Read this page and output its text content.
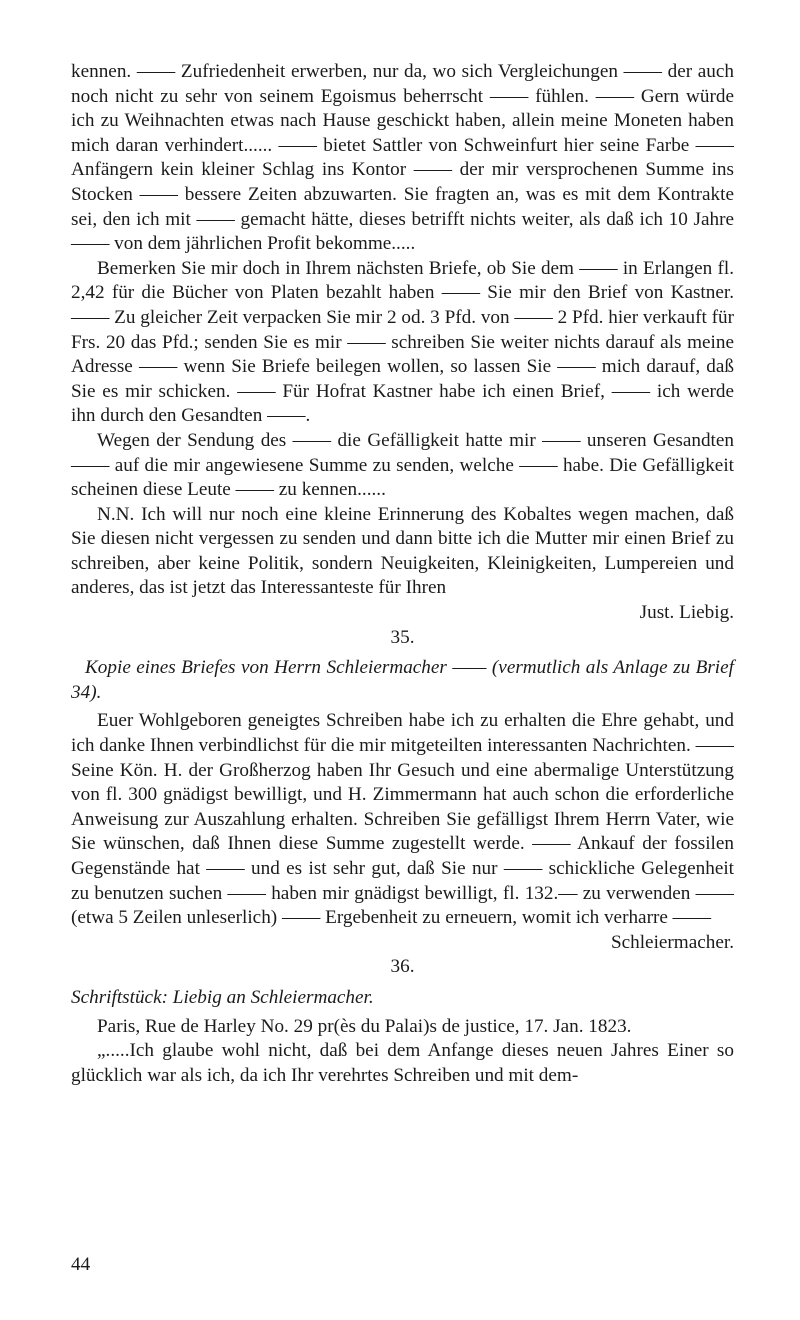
kennen. —— Zufriedenheit erwerben, nur da, wo sich Vergleichungen —— der auch noch nicht zu sehr von seinem Egoismus beherrscht —— fühlen. —— Gern würde ich zu Weihnachten etwas nach Hause geschickt haben, allein meine Moneten haben mich daran verhindert...... —— bietet Sattler von Schweinfurt hier seine Farbe —— Anfängern kein kleiner Schlag ins Kontor —— der mir versprochenen Summe ins Stocken —— bessere Zeiten abzuwarten. Sie fragten an, was es mit dem Kontrakte sei, den ich mit —— gemacht hätte, dieses betrifft nichts weiter, als daß ich 10 Jahre —— von dem jährlichen Profit bekomme.....

Bemerken Sie mir doch in Ihrem nächsten Briefe, ob Sie dem —— in Erlangen fl. 2,42 für die Bücher von Platen bezahlt haben —— Sie mir den Brief von Kastner. —— Zu gleicher Zeit verpacken Sie mir 2 od. 3 Pfd. von —— 2 Pfd. hier verkauft für Frs. 20 das Pfd.; senden Sie es mir —— schreiben Sie weiter nichts darauf als meine Adresse —— wenn Sie Briefe beilegen wollen, so lassen Sie —— mich darauf, daß Sie es mir schicken. —— Für Hofrat Kastner habe ich einen Brief, —— ich werde ihn durch den Gesandten ——.

Wegen der Sendung des —— die Gefälligkeit hatte mir —— unseren Gesandten —— auf die mir angewiesene Summe zu senden, welche —— habe. Die Gefälligkeit scheinen diese Leute —— zu kennen......

N.N. Ich will nur noch eine kleine Erinnerung des Kobaltes wegen machen, daß Sie diesen nicht vergessen zu senden und dann bitte ich die Mutter mir einen Brief zu schreiben, aber keine Politik, sondern Neuigkeiten, Kleinigkeiten, Lumpereien und anderes, das ist jetzt das Interessanteste für Ihren

Just. Liebig.

35.

Kopie eines Briefes von Herrn Schleiermacher —— (vermutlich als Anlage zu Brief 34).

Euer Wohlgeboren geneigtes Schreiben habe ich zu erhalten die Ehre gehabt, und ich danke Ihnen verbindlichst für die mir mitgeteilten interessanten Nachrichten. —— Seine Kön. H. der Großherzog haben Ihr Gesuch und eine abermalige Unterstützung von fl. 300 gnädigst bewilligt, und H. Zimmermann hat auch schon die erforderliche Anweisung zur Auszahlung erhalten. Schreiben Sie gefälligst Ihrem Herrn Vater, wie Sie wünschen, daß Ihnen diese Summe zugestellt werde. —— Ankauf der fossilen Gegenstände hat —— und es ist sehr gut, daß Sie nur —— schickliche Gelegenheit zu benutzen suchen —— haben mir gnädigst bewilligt, fl. 132.— zu verwenden —— (etwa 5 Zeilen unleserlich) —— Ergebenheit zu erneuern, womit ich verharre ——

Schleiermacher.

36.

Schriftstück: Liebig an Schleiermacher.

Paris, Rue de Harley No. 29 pr(ès du Palai)s de justice, 17. Jan. 1823.

„.....Ich glaube wohl nicht, daß bei dem Anfange dieses neuen Jahres Einer so glücklich war als ich, da ich Ihr verehrtes Schreiben und mit dem-

44
